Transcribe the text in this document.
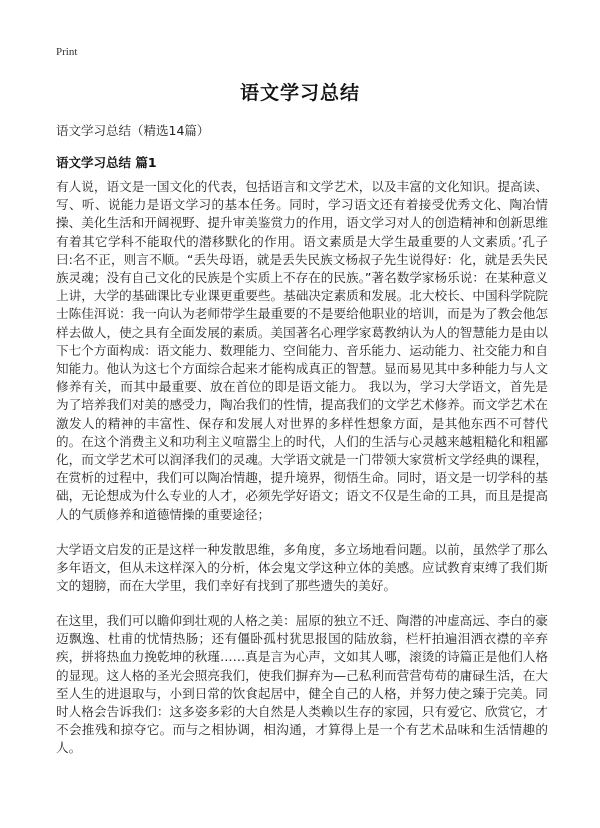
Print
语文学习总结
语文学习总结（精选14篇）
语文学习总结 篇1
有人说，语文是一国文化的代表，包括语言和文学艺术，以及丰富的文化知识。提高读、写、听、说能力是语文学习的基本任务。同时，学习语文还有着接受优秀文化、陶冶情操、美化生活和开阔视野、提升审美鉴赏力的作用，语文学习对人的创造精神和创新思维有着其它学科不能取代的潜移默化的作用。语文素质是大学生最重要的人文素质。’孔子曰:名不正，则言不顺。“丢失母语，就是丢失民族文杨叔子先生说得好：化，就是丢失民族灵魂；没有自己文化的民族是个实质上不存在的民族。”著名数学家杨乐说：在某种意义上讲，大学的基础课比专业课更重要些。基础决定素质和发展。北大校长、中国科学院院士陈佳洱说：我一向认为老师带学生最重要的不是要给他职业的培训，而是为了教会他怎样去做人，使之具有全面发展的素质。美国著名心理学家葛教纳认为人的智慧能力是由以下七个方面构成：语文能力、数理能力、空间能力、音乐能力、运动能力、社交能力和自知能力。他认为这七个方面综合起来才能构成真正的智慧。显而易见其中多种能力与人文修养有关，而其中最重要、放在首位的即是语文能力。 我以为，学习大学语文，首先是为了培养我们对美的感受力，陶冶我们的性情，提高我们的文学艺术修养。而文学艺术在激发人的精神的丰富性、保存和发展人对世界的多样性想象方面，是其他东西不可替代的。在这个消费主义和功利主义喧嚣尘上的时代，人们的生活与心灵越来越粗糙化和粗鄙化，而文学艺术可以润泽我们的灵魂。大学语文就是一门带领大家赏析文学经典的课程，在赏析的过程中，我们可以陶冶情趣，提升境界，彻悟生命。同时，语文是一切学科的基础，无论想成为什么专业的人才，必须先学好语文；语文不仅是生命的工具，而且是提高人的气质修养和道德情操的重要途径；
大学语文启发的正是这样一种发散思维，多角度，多立场地看问题。以前，虽然学了那么多年语文，但从未这样深入的分析，体会鬼文学这种立体的美感。应试教育束缚了我们斯文的翅膀，而在大学里，我们幸好有找到了那些遗失的美好。
在这里，我们可以瞻仰到壮观的人格之美：屈原的独立不迁、陶潜的冲虚高远、李白的豪迈飘逸、杜甫的忧情热肠；还有僵卧孤村犹思报国的陆放翁，栏杆拍遍泪洒衣襟的辛弃疾，拼将热血力挽乾坤的秋瑾……真是言为心声，文如其人哪，滚烫的诗篇正是他们人格的显现。这人格的圣光会照亮我们，使我们摒弃为—己私利而营营苟苟的庸碌生活，在大至人生的进退取与，小到日常的饮食起居中，健全自己的人格，并努力使之臻于完美。同时人格会告诉我们：这多姿多彩的大自然是人类赖以生存的家园，只有爱它、欣赏它，才不会推残和掠夺它。而与之相协调，相沟通，才算得上是一个有艺术品味和生活情趣的人。
